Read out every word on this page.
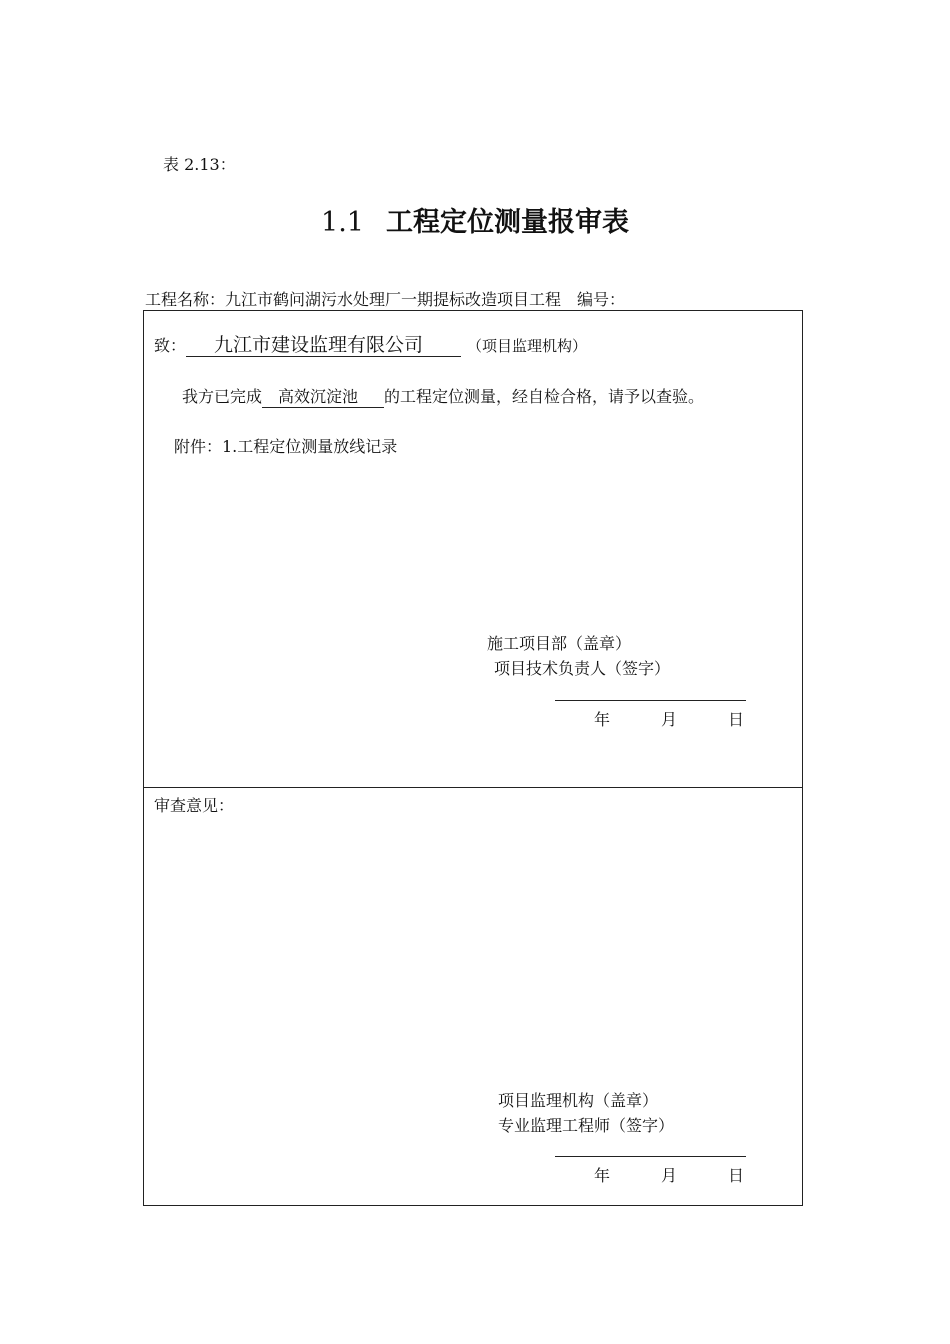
表 2.13：
1.1 工程定位测量报审表
工程名称：九江市鹤问湖污水处理厂一期提标改造项目工程 编号：
致： 九江市建设监理有限公司	（项目监理机构）
我方已完成 高效沉淀池 的工程定位测量，经自检合格，请予以查验。
附件：1.工程定位测量放线记录
施工项目部（盖章）
项目技术负责人（签字）
年	月	日
审查意见：
项目监理机构（盖章）
专业监理工程师（签字）
年	月	日
